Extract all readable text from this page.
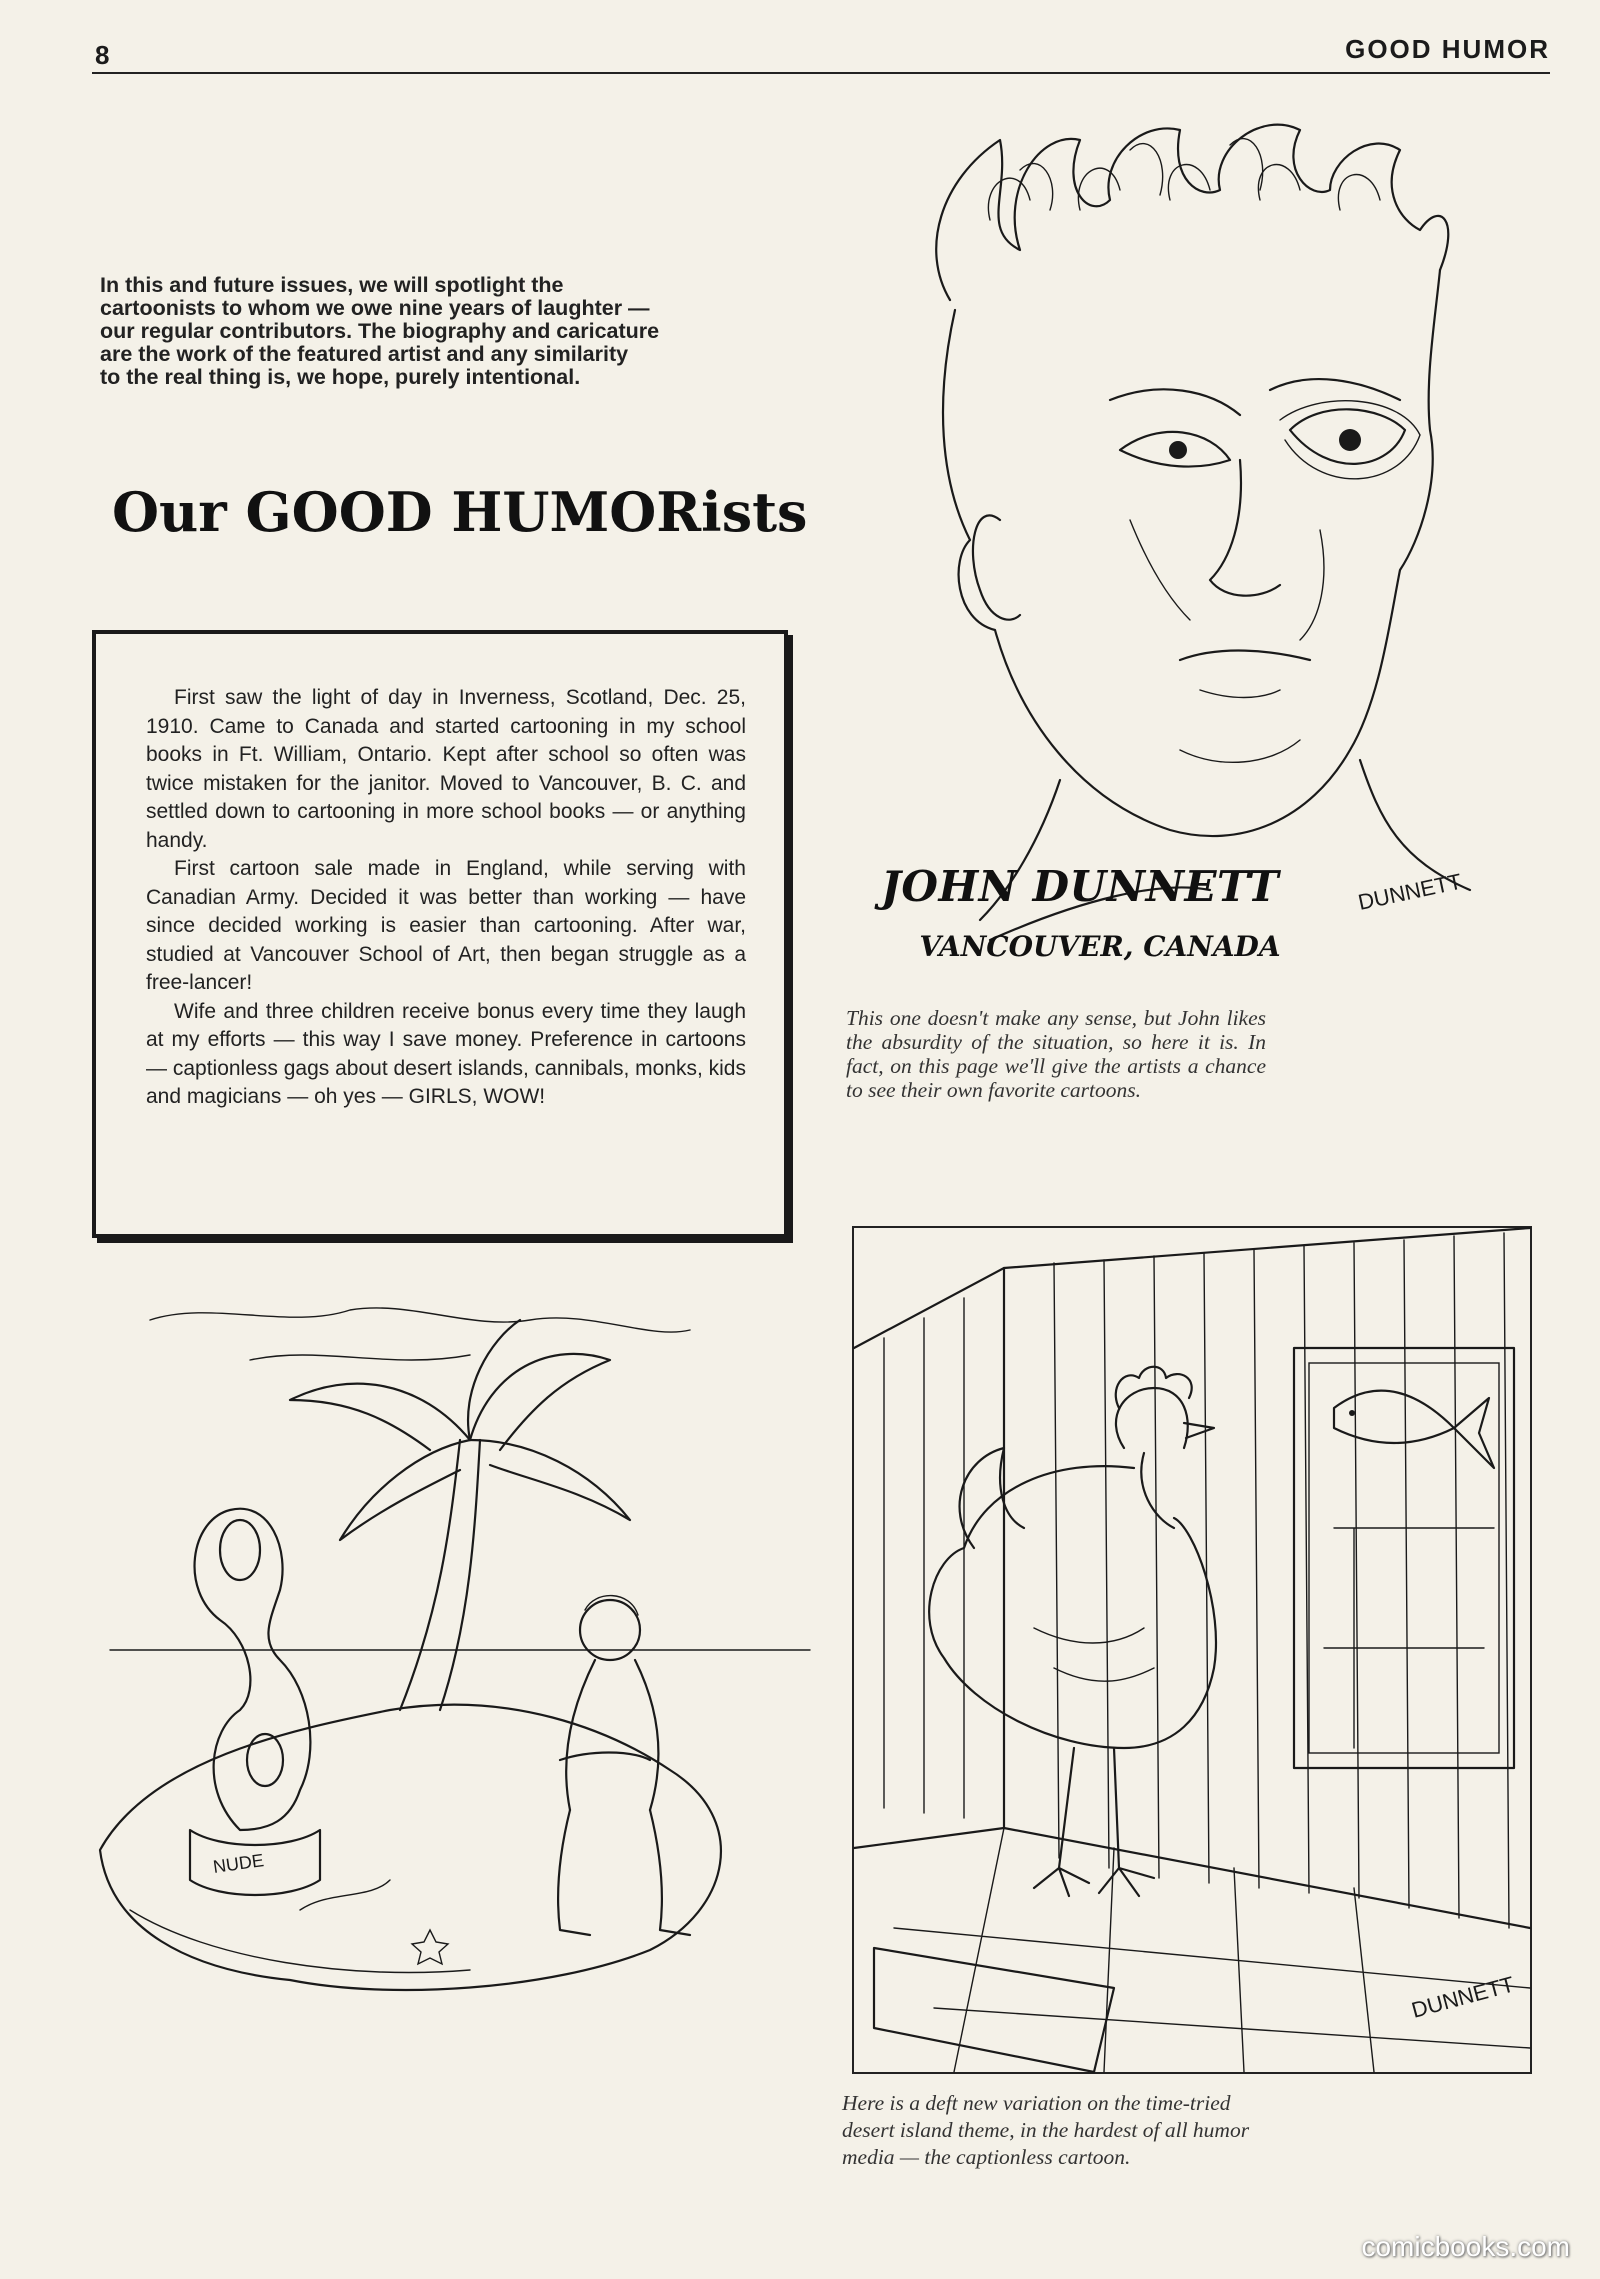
8	GOOD HUMOR
In this and future issues, we will spotlight the
cartoonists to whom we owe nine years of laughter —
our regular contributors. The biography and caricature
are the work of the featured artist and any similarity
to the real thing is, we hope, purely intentional.
Our GOOD HUMORists

First saw the light of day in Inverness, Scotland, Dec. 25, 1910. Came to Canada and started cartooning in my school books in Ft. William, Ontario. Kept after school so often was twice mistaken for the janitor. Moved to Vancouver, B. C. and settled down to cartooning in more school books — or anything handy.

First cartoon sale made in England, while serving with Canadian Army. Decided it was better than working — have since decided working is easier than cartooning. After war, studied at Vancouver School of Art, then began struggle as a free-lancer!

Wife and three children receive bonus every time they laugh at my efforts — this way I save money. Preference in cartoons — captionless gags about desert islands, cannibals, monks, kids and magicians — oh yes — GIRLS, WOW!

DUNNETT
JOHN DUNNETT
VANCOUVER, CANADA
This one doesn't make any sense, but John likes the absurdity of the situation, so here it is. In fact, on this page we'll give the artists a chance to see their own favorite cartoons.
NUDE
DUNNETT
Here is a deft new variation on the time-tried desert island theme, in the hardest of all humor media — the captionless cartoon.
comicbooks.com
